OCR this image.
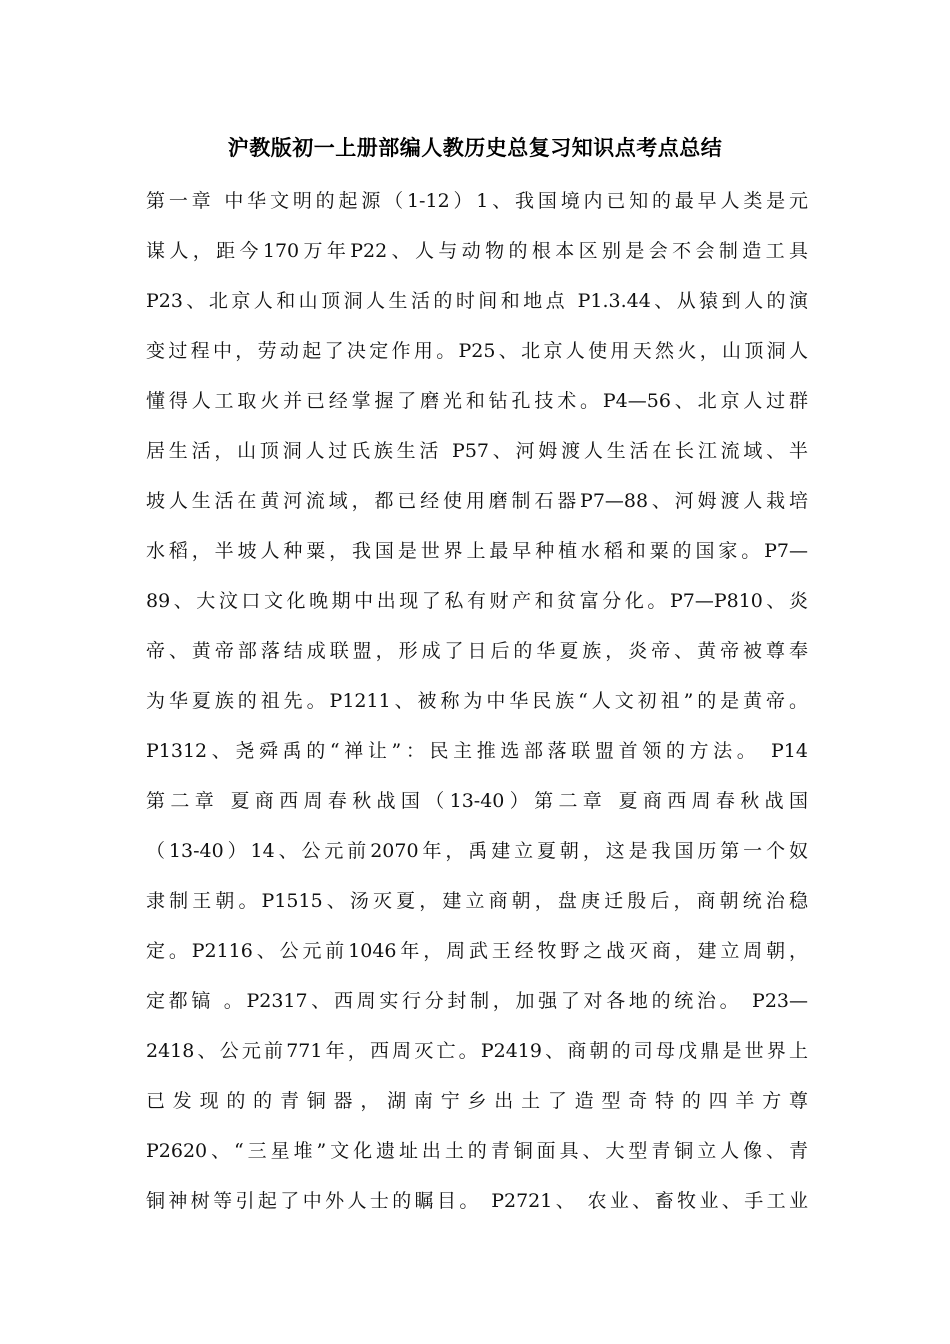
沪教版初一上册部编人教历史总复习知识点考点总结
第一章 中华文明的起源（1-12）1、我国境内已知的最早人类是元
谋人，距今170万年P22、人与动物的根本区别是会不会制造工具
P23、北京人和山顶洞人生活的时间和地点 P1.3.44、从猿到人的演
变过程中，劳动起了决定作用。P25、北京人使用天然火，山顶洞人
懂得人工取火并已经掌握了磨光和钻孔技术。P4—56、北京人过群
居生活，山顶洞人过氏族生活 P57、河姆渡人生活在长江流域、半
坡人生活在黄河流域，都已经使用磨制石器P7—88、河姆渡人栽培
水稻，半坡人种粟，我国是世界上最早种植水稻和粟的国家。P7—
89、大汶口文化晚期中出现了私有财产和贫富分化。P7—P810、炎
帝、黄帝部落结成联盟，形成了日后的华夏族，炎帝、黄帝被尊奉
为华夏族的祖先。P1211、被称为中华民族“人文初祖”的是黄帝。
P1312、尧舜禹的“禅让”：民主推选部落联盟首领的方法。 P14
第二章 夏商西周春秋战国（13-40）第二章 夏商西周春秋战国
（13-40）14、公元前2070年，禹建立夏朝，这是我国历第一个奴
隶制王朝。P1515、汤灭夏，建立商朝，盘庚迁殷后，商朝统治稳
定。P2116、公元前1046年，周武王经牧野之战灭商，建立周朝，
定都镐 。P2317、西周实行分封制，加强了对各地的统治。 P23—
2418、公元前771年，西周灭亡。P2419、商朝的司母戊鼎是世界上
已发现的的青铜器，湖南宁乡出土了造型奇特的四羊方尊
P2620、“三星堆”文化遗址出土的青铜面具、大型青铜立人像、青
铜神树等引起了中外人士的瞩目。 P2721、 农业、畜牧业、手工业
